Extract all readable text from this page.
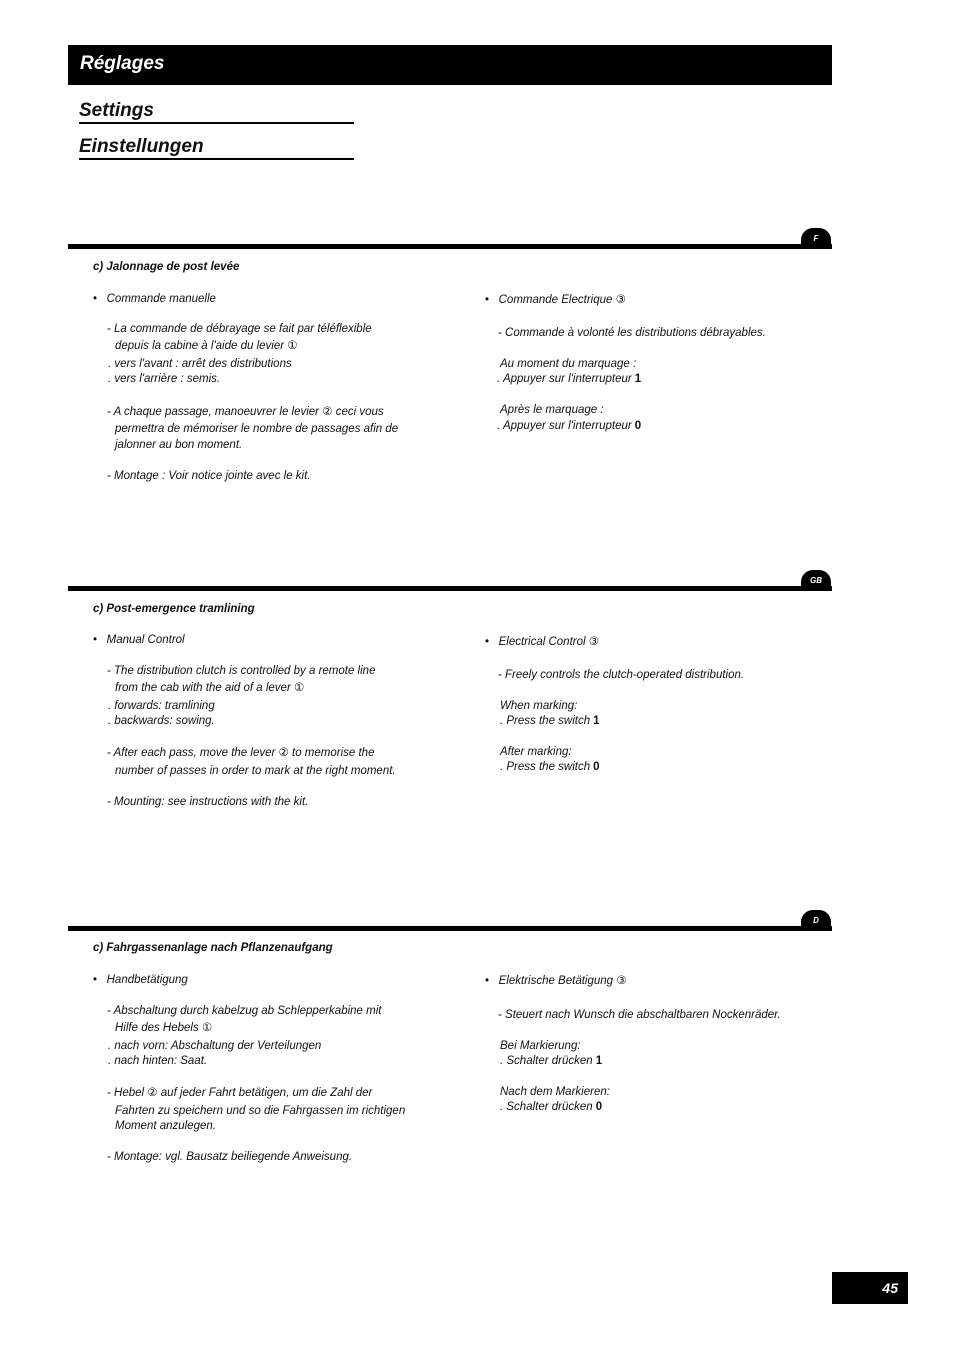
Réglages
Settings
Einstellungen
F
c) Jalonnage de post levée
• Commande manuelle
- La commande de débrayage se fait par téléflexible
depuis la cabine à l'aide du levier ①
. vers l'avant : arrêt des distributions
. vers l'arrière : semis.
- A chaque passage, manoeuvrer le levier ② ceci vous
permettra de mémoriser le nombre de passages afin de
jalonner au bon moment.
- Montage : Voir notice jointe avec le kit.
• Commande Electrique ③
- Commande à volonté les distributions débrayables.
Au moment du marquage :
. Appuyer sur l'interrupteur 1
Après le marquage :
. Appuyer sur l'interrupteur 0
GB
c) Post-emergence tramlining
• Manual Control
- The distribution clutch is controlled by a remote line
from the cab with the aid of a lever ①
. forwards: tramlining
. backwards: sowing.
- After each pass, move the lever ② to memorise the
number of passes in order to mark at the right moment.
- Mounting: see instructions with the kit.
• Electrical Control ③
- Freely controls the clutch-operated distribution.
When marking:
. Press the switch 1
After marking:
. Press the switch 0
D
c) Fahrgassenanlage nach Pflanzenaufgang
• Handbetätigung
- Abschaltung durch kabelzug ab Schlepperkabine mit
Hilfe des Hebels ①
. nach vorn: Abschaltung der Verteilungen
. nach hinten: Saat.
- Hebel ② auf jeder Fahrt betätigen, um die Zahl der
Fahrten zu speichern und so die Fahrgassen im richtigen
Moment anzulegen.
- Montage: vgl. Bausatz beiliegende Anweisung.
• Elektrische Betätigung ③
- Steuert nach Wunsch die abschaltbaren Nockenräder.
Bei Markierung:
. Schalter drücken 1
Nach dem Markieren:
. Schalter drücken 0
45
